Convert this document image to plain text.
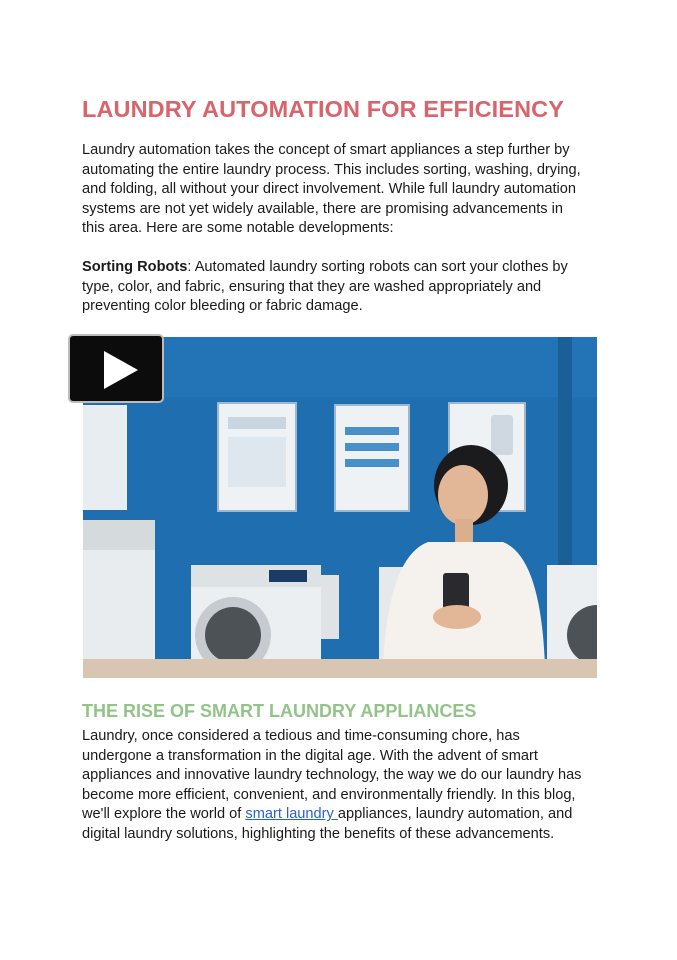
LAUNDRY AUTOMATION FOR EFFICIENCY
Laundry automation takes the concept of smart appliances a step further by
automating the entire laundry process. This includes sorting, washing, drying,
and folding, all without your direct involvement. While full laundry automation
systems are not yet widely available, there are promising advancements in
this area. Here are some notable developments:
Sorting Robots: Automated laundry sorting robots can sort your clothes by
type, color, and fabric, ensuring that they are washed appropriately and
preventing color bleeding or fabric damage.
THE RISE OF SMART LAUNDRY APPLIANCES
Laundry, once considered a tedious and time-consuming chore, has
undergone a transformation in the digital age. With the advent of smart
appliances and innovative laundry technology, the way we do our laundry has
become more efficient, convenient, and environmentally friendly. In this blog,
we'll explore the world of smart laundry appliances, laundry automation, and
digital laundry solutions, highlighting the benefits of these advancements.
